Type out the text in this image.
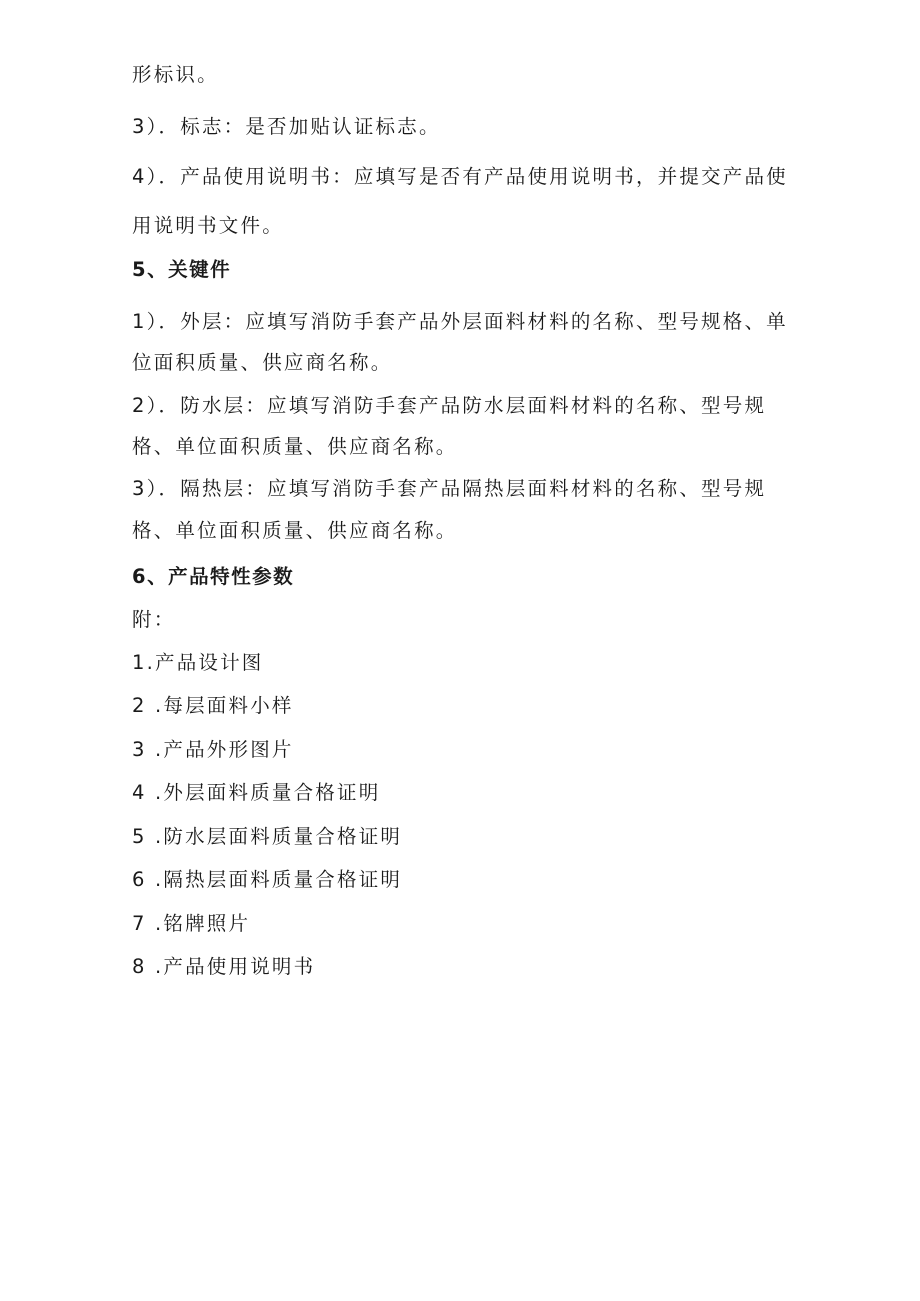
形标识。

3）．标志：是否加贴认证标志。

4）．产品使用说明书：应填写是否有产品使用说明书，并提交产品使

用说明书文件。

5、关键件

1）．外层：应填写消防手套产品外层面料材料的名称、型号规格、单

位面积质量、供应商名称。

2）．防水层：应填写消防手套产品防水层面料材料的名称、型号规

格、单位面积质量、供应商名称。

3）．隔热层：应填写消防手套产品隔热层面料材料的名称、型号规

格、单位面积质量、供应商名称。

6、产品特性参数

附：

1.产品设计图

2 .每层面料小样

3 .产品外形图片

4 .外层面料质量合格证明

5 .防水层面料质量合格证明

6 .隔热层面料质量合格证明

7 .铭牌照片

8 .产品使用说明书
